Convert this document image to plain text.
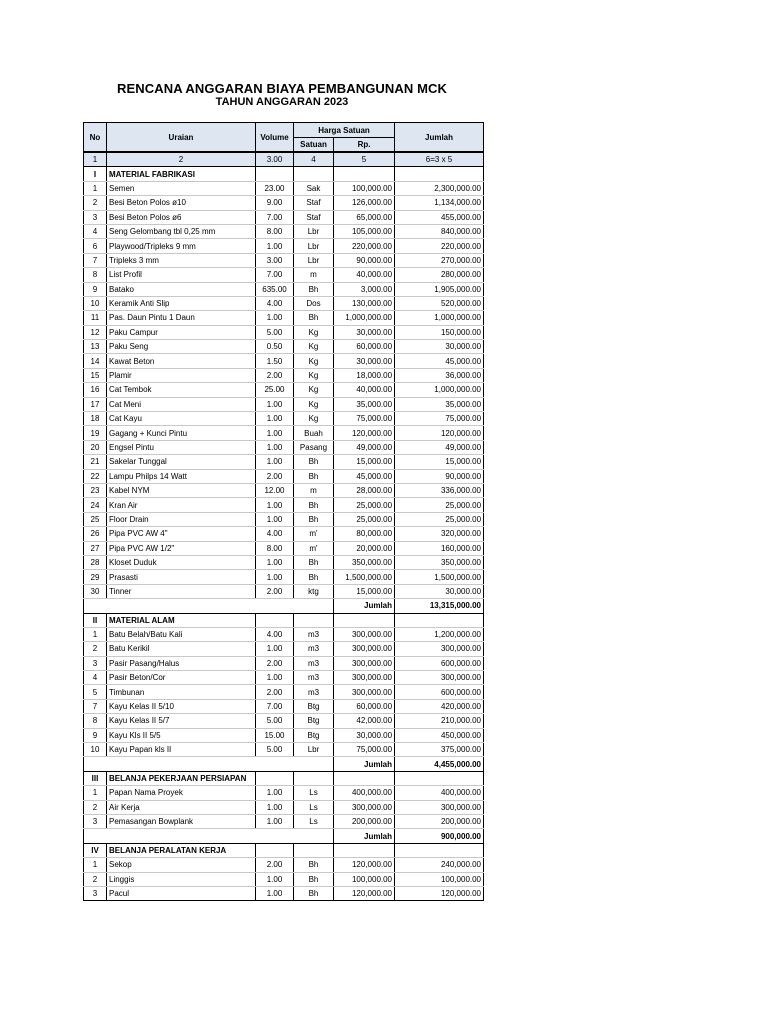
RENCANA ANGGARAN BIAYA PEMBANGUNAN MCK
TAHUN ANGGARAN 2023
No	Uraian	Volume	Harga Satuan		Jumlah
			Satuan	Rp.	
1	2	3.00	4	5	6=3 x 5
I	MATERIAL FABRIKASI				
1	Semen	23.00	Sak	100,000.00	2,300,000.00
2	Besi Beton Polos ø10	9.00	Staf	126,000.00	1,134,000.00
3	Besi Beton Polos ø6	7.00	Staf	65,000.00	455,000.00
4	Seng Gelombang tbl 0,25 mm	8.00	Lbr	105,000.00	840,000.00
6	Playwood/Tripleks 9 mm	1.00	Lbr	220,000.00	220,000.00
7	Tripleks 3 mm	3.00	Lbr	90,000.00	270,000.00
8	List Profil	7.00	m	40,000.00	280,000.00
9	Batako	635.00	Bh	3,000.00	1,905,000.00
10	Keramik Anti Slip	4.00	Dos	130,000.00	520,000.00
11	Pas. Daun Pintu 1 Daun	1.00	Bh	1,000,000.00	1,000,000.00
12	Paku Campur	5.00	Kg	30,000.00	150,000.00
13	Paku Seng	0.50	Kg	60,000.00	30,000.00
14	Kawat Beton	1.50	Kg	30,000.00	45,000.00
15	Plamir	2.00	Kg	18,000.00	36,000.00
16	Cat Tembok	25.00	Kg	40,000.00	1,000,000.00
17	Cat Meni	1.00	Kg	35,000.00	35,000.00
18	Cat Kayu	1.00	Kg	75,000.00	75,000.00
19	Gagang + Kunci Pintu	1.00	Buah	120,000.00	120,000.00
20	Engsel Pintu	1.00	Pasang	49,000.00	49,000.00
21	Sakelar Tunggal	1.00	Bh	15,000.00	15,000.00
22	Lampu Philps 14 Watt	2.00	Bh	45,000.00	90,000.00
23	Kabel NYM	12.00	m	28,000.00	336,000.00
24	Kran Air	1.00	Bh	25,000.00	25,000.00
25	Floor Drain	1.00	Bh	25,000.00	25,000.00
26	Pipa PVC AW 4"	4.00	m'	80,000.00	320,000.00
27	Pipa PVC AW 1/2"	8.00	m'	20,000.00	160,000.00
28	Kloset Duduk	1.00	Bh	350,000.00	350,000.00
29	Prasasti	1.00	Bh	1,500,000.00	1,500,000.00
30	Tinner	2.00	ktg	15,000.00	30,000.00
				Jumlah	13,315,000.00
II	MATERIAL ALAM				
1	Batu Belah/Batu Kali	4.00	m3	300,000.00	1,200,000.00
2	Batu Kerikil	1.00	m3	300,000.00	300,000.00
3	Pasir Pasang/Halus	2.00	m3	300,000.00	600,000.00
4	Pasir Beton/Cor	1.00	m3	300,000.00	300,000.00
5	Timbunan	2.00	m3	300,000.00	600,000.00
7	Kayu Kelas II 5/10	7.00	Btg	60,000.00	420,000.00
8	Kayu Kelas II 5/7	5.00	Btg	42,000.00	210,000.00
9	Kayu Kls II 5/5	15.00	Btg	30,000.00	450,000.00
10	Kayu Papan kls II	5.00	Lbr	75,000.00	375,000.00
				Jumlah	4,455,000.00
III	BELANJA PEKERJAAN PERSIAPAN				
1	Papan Nama Proyek	1.00	Ls	400,000.00	400,000.00
2	Air Kerja	1.00	Ls	300,000.00	300,000.00
3	Pemasangan Bowplank	1.00	Ls	200,000.00	200,000.00
				Jumlah	900,000.00
IV	BELANJA PERALATAN KERJA				
1	Sekop	2.00	Bh	120,000.00	240,000.00
2	Linggis	1.00	Bh	100,000.00	100,000.00
3	Pacul	1.00	Bh	120,000.00	120,000.00
